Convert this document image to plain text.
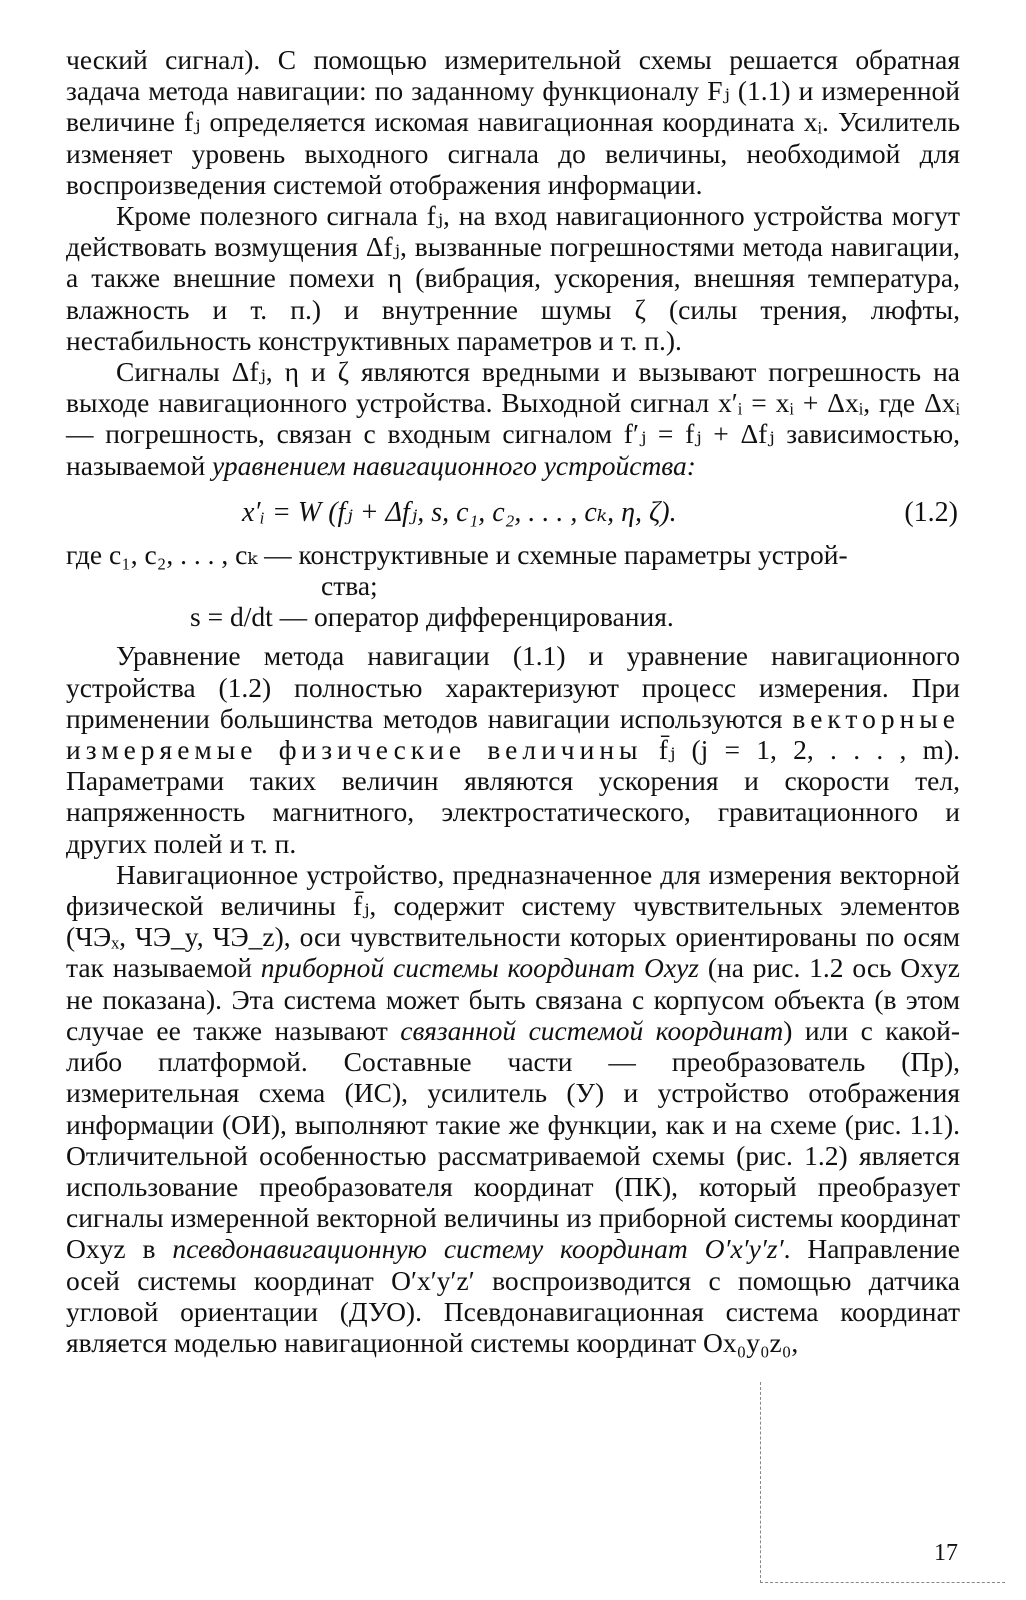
ческий сигнал). С помощью измерительной схемы решается обратная задача метода навигации: по заданному функционалу Fⱼ (1.1) и измеренной величине fⱼ определяется искомая навигационная координата xᵢ. Усилитель изменяет уровень выходного сигнала до величины, необходимой для воспроизведения системой отображения информации.

Кроме полезного сигнала fⱼ, на вход навигационного устройства могут действовать возмущения Δfⱼ, вызванные погрешностями метода навигации, а также внешние помехи η (вибрация, ускорения, внешняя температура, влажность и т. п.) и внутренние шумы ζ (силы трения, люфты, нестабильность конструктивных параметров и т. п.).

Сигналы Δfⱼ, η и ζ являются вредными и вызывают погрешность на выходе навигационного устройства. Выходной сигнал x′ᵢ = xᵢ + Δxᵢ, где Δxᵢ — погрешность, связан с входным сигналом f′ⱼ = fⱼ + Δfⱼ зависимостью, называемой уравнением навигационного устройства:

x′ᵢ = W (fⱼ + Δfⱼ, s, c₁, c₂, . . . , cₖ, η, ζ).	(1.2)
где c₁, c₂, . . . , cₖ — конструктивные и схемные параметры устрой-
ства;
s = d/dt — оператор дифференцирования.

Уравнение метода навигации (1.1) и уравнение навигационного устройства (1.2) полностью характеризуют процесс измерения. При применении большинства методов навигации используются векторные измеряемые физические величины f̄ⱼ (j = 1, 2, . . . , m). Параметрами таких величин являются ускорения и скорости тел, напряженность магнитного, электростатического, гравитационного и других полей и т. п.

Навигационное устройство, предназначенное для измерения векторной физической величины f̄ⱼ, содержит систему чувствительных элементов (ЧЭₓ, ЧЭ_y, ЧЭ_z), оси чувствительности которых ориентированы по осям так называемой приборной системы координат Oxyz (на рис. 1.2 ось Oxyz не показана). Эта система может быть связана с корпусом объекта (в этом случае ее также называют связанной системой координат) или с какой-либо платформой. Составные части — преобразователь (Пр), измерительная схема (ИС), усилитель (У) и устройство отображения информации (ОИ), выполняют такие же функции, как и на схеме (рис. 1.1). Отличительной особенностью рассматриваемой схемы (рис. 1.2) является использование преобразователя координат (ПК), который преобразует сигналы измеренной векторной величины из приборной системы координат Oxyz в псевдонавигационную систему координат O′x′y′z′. Направление осей системы координат O′x′y′z′ воспроизводится с помощью датчика угловой ориентации (ДУО). Псевдонавигационная система координат является моделью навигационной системы координат Ox₀y₀z₀,

17
